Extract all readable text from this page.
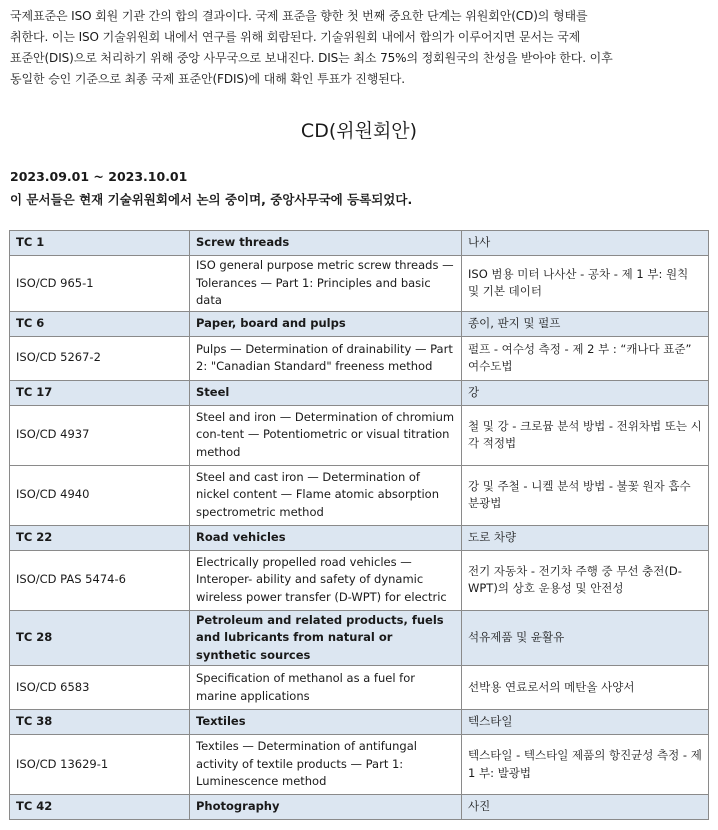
국제표준은 ISO 회원 기관 간의 합의 결과이다. 국제 표준을 향한 첫 번째 중요한 단계는 위원회안(CD)의 형태를

취한다. 이는 ISO 기술위원회 내에서 연구를 위해 회람된다. 기술위원회 내에서 합의가 이루어지면 문서는 국제

표준안(DIS)으로 처리하기 위해 중앙 사무국으로 보내진다. DIS는 최소 75%의 정회원국의 찬성을 받아야 한다. 이후

동일한 승인 기준으로 최종 국제 표준안(FDIS)에 대해 확인 투표가 진행된다.

CD(위원회안)
2023.09.01 ~ 2023.10.01
이 문서들은 현재 기술위원회에서 논의 중이며, 중앙사무국에 등록되었다.
TC 1	Screw threads	나사
ISO/CD 965-1	ISO general purpose metric screw threads — Tolerances — Part 1: Principles and basic data	ISO 범용 미터 나사산 - 공차 - 제 1 부: 원칙 및 기본 데이터
TC 6	Paper, board and pulps	종이, 판지 및 펄프
ISO/CD 5267-2	Pulps — Determination of drainability — Part 2: "Canadian Standard" freeness method	펄프 - 여수성 측정 - 제 2 부 : “캐나다 표준” 여수도법
TC 17	Steel	강
ISO/CD 4937	Steel and iron — Determination of chromium con-tent — Potentiometric or visual titration method	철 및 강 - 크로뮴 분석 방법 - 전위차법 또는 시각 적정법
ISO/CD 4940	Steel and cast iron — Determination of nickel content — Flame atomic absorption spectrometric method	강 및 주철 - 니켈 분석 방법 - 불꽃 원자 흡수 분광법
TC 22	Road vehicles	도로 차량
ISO/CD PAS 5474-6	Electrically propelled road vehicles — Interoper- ability and safety of dynamic wireless power transfer (D-WPT) for electric	전기 자동차 - 전기차 주행 중 무선 충전(D-WPT)의 상호 운용성 및 안전성
TC 28	Petroleum and related products, fuels and lubricants from natural or synthetic sources	석유제품 및 윤활유
ISO/CD 6583	Specification of methanol as a fuel for marine applications	선박용 연료로서의 메탄올 사양서
TC 38	Textiles	텍스타일
ISO/CD 13629-1	Textiles — Determination of antifungal activity of textile products — Part 1: Luminescence method	텍스타일 - 텍스타일 제품의 항진균성 측정 - 제 1 부: 발광법
TC 42	Photography	사진
